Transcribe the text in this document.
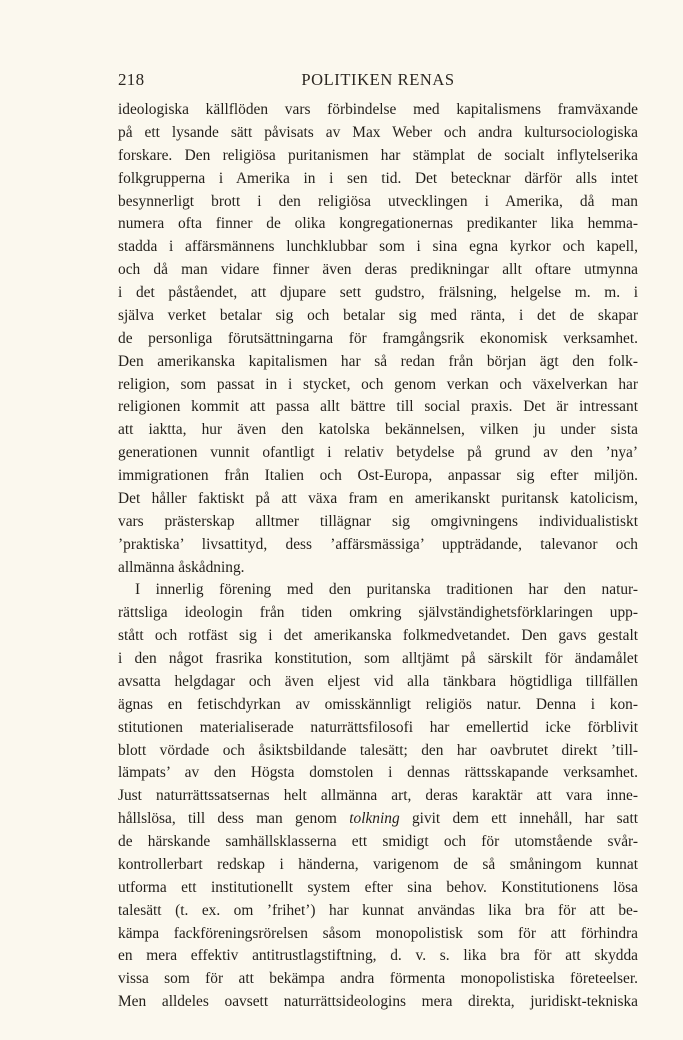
218	POLITIKEN RENAS
ideologiska källflöden vars förbindelse med kapitalismens framväxande
på ett lysande sätt påvisats av Max Weber och andra kultursociologiska
forskare. Den religiösa puritanismen har stämplat de socialt inflytelserika
folkgrupperna i Amerika in i sen tid. Det betecknar därför alls intet
besynnerligt brott i den religiösa utvecklingen i Amerika, då man
numera ofta finner de olika kongregationernas predikanter lika hemma-
stadda i affärsmännens lunchklubbar som i sina egna kyrkor och kapell,
och då man vidare finner även deras predikningar allt oftare utmynna
i det påståendet, att djupare sett gudstro, frälsning, helgelse m. m. i
själva verket betalar sig och betalar sig med ränta, i det de skapar
de personliga förutsättningarna för framgångsrik ekonomisk verksamhet.
Den amerikanska kapitalismen har så redan från början ägt den folk-
religion, som passat in i stycket, och genom verkan och växelverkan har
religionen kommit att passa allt bättre till social praxis. Det är intressant
att iaktta, hur även den katolska bekännelsen, vilken ju under sista
generationen vunnit ofantligt i relativ betydelse på grund av den ’nya’
immigrationen från Italien och Ost-Europa, anpassar sig efter miljön.
Det håller faktiskt på att växa fram en amerikanskt puritansk katolicism,
vars prästerskap alltmer tillägnar sig omgivningens individualistiskt
’praktiska’ livsattityd, dess ’affärsmässiga’ uppträdande, talevanor och
allmänna åskådning.
I innerlig förening med den puritanska traditionen har den natur-
rättsliga ideologin från tiden omkring självständighetsförklaringen upp-
stått och rotfäst sig i det amerikanska folkmedvetandet. Den gavs gestalt
i den något frasrika konstitution, som alltjämt på särskilt för ändamålet
avsatta helgdagar och även eljest vid alla tänkbara högtidliga tillfällen
ägnas en fetischdyrkan av omisskännligt religiös natur. Denna i kon-
stitutionen materialiserade naturrättsfilosofi har emellertid icke förblivit
blott vördade och åsiktsbildande talesätt; den har oavbrutet direkt ’till-
lämpats’ av den Högsta domstolen i dennas rättsskapande verksamhet.
Just naturrättssatsernas helt allmänna art, deras karaktär att vara inne-
hållslösa, till dess man genom tolkning givit dem ett innehåll, har satt
de härskande samhällsklasserna ett smidigt och för utomstående svår-
kontrollerbart redskap i händerna, varigenom de så småningom kunnat
utforma ett institutionellt system efter sina behov. Konstitutionens lösa
talesätt (t. ex. om ’frihet’) har kunnat användas lika bra för att be-
kämpa fackföreningsrörelsen såsom monopolistisk som för att förhindra
en mera effektiv antitrustlagstiftning, d. v. s. lika bra för att skydda
vissa som för att bekämpa andra förmenta monopolistiska företeelser.
Men alldeles oavsett naturrättsideologins mera direkta, juridiskt-tekniska
